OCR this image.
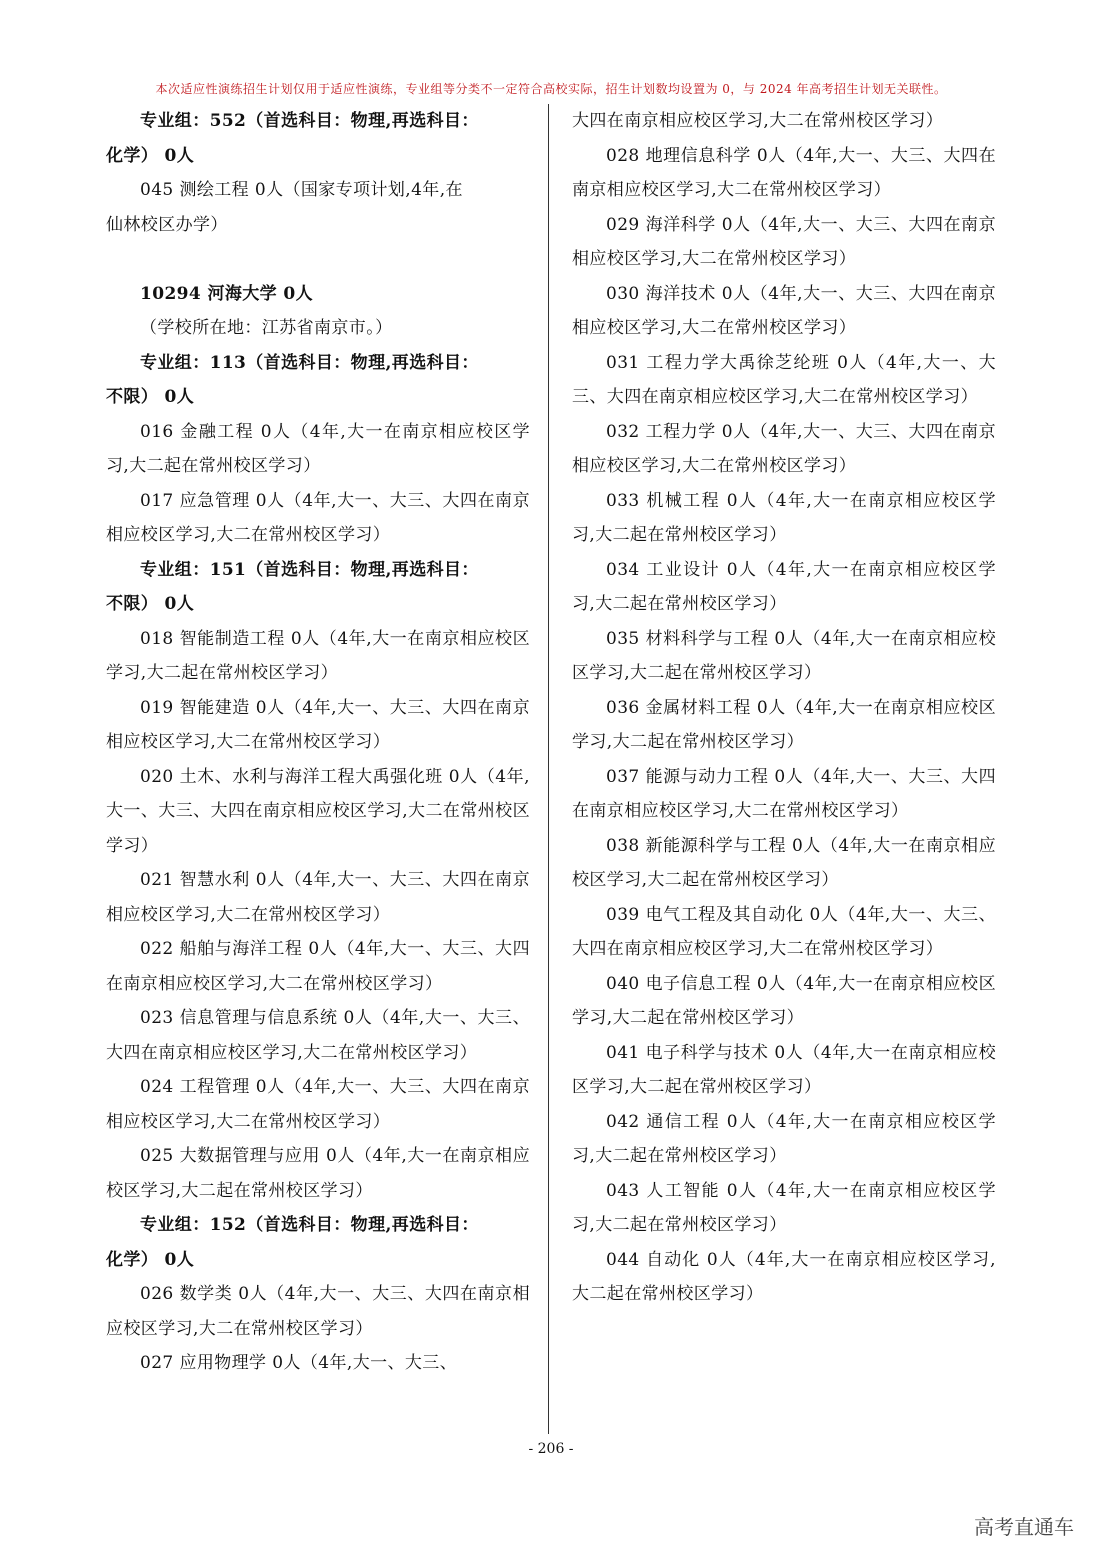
本次适应性演练招生计划仅用于适应性演练，专业组等分类不一定符合高校实际，招生计划数均设置为 0，与 2024 年高考招生计划无关联性。

专业组：552（首选科目：物理,再选科目：

化学） 0人

045 测绘工程 0人（国家专项计划,4年,在

仙林校区办学）

10294 河海大学 0人

（学校所在地：江苏省南京市。）

专业组：113（首选科目：物理,再选科目：

不限） 0人

016 金融工程 0人（4年,大一在南京相应校区学习,大二起在常州校区学习）

017 应急管理 0人（4年,大一、大三、大四在南京相应校区学习,大二在常州校区学习）

专业组：151（首选科目：物理,再选科目：

不限） 0人

018 智能制造工程 0人（4年,大一在南京相应校区学习,大二起在常州校区学习）

019 智能建造 0人（4年,大一、大三、大四在南京相应校区学习,大二在常州校区学习）

020 土木、水利与海洋工程大禹强化班 0人（4年,大一、大三、大四在南京相应校区学习,大二在常州校区学习）

021 智慧水利 0人（4年,大一、大三、大四在南京相应校区学习,大二在常州校区学习）

022 船舶与海洋工程 0人（4年,大一、大三、大四在南京相应校区学习,大二在常州校区学习）

023 信息管理与信息系统 0人（4年,大一、大三、大四在南京相应校区学习,大二在常州校区学习）

024 工程管理 0人（4年,大一、大三、大四在南京相应校区学习,大二在常州校区学习）

025 大数据管理与应用 0人（4年,大一在南京相应校区学习,大二起在常州校区学习）

专业组：152（首选科目：物理,再选科目：

化学） 0人

026 数学类 0人（4年,大一、大三、大四在南京相应校区学习,大二在常州校区学习）

027 应用物理学 0人（4年,大一、大三、

大四在南京相应校区学习,大二在常州校区学习）

028 地理信息科学 0人（4年,大一、大三、大四在南京相应校区学习,大二在常州校区学习）

029 海洋科学 0人（4年,大一、大三、大四在南京相应校区学习,大二在常州校区学习）

030 海洋技术 0人（4年,大一、大三、大四在南京相应校区学习,大二在常州校区学习）

031 工程力学大禹徐芝纶班 0人（4年,大一、大三、大四在南京相应校区学习,大二在常州校区学习）

032 工程力学 0人（4年,大一、大三、大四在南京相应校区学习,大二在常州校区学习）

033 机械工程 0人（4年,大一在南京相应校区学习,大二起在常州校区学习）

034 工业设计 0人（4年,大一在南京相应校区学习,大二起在常州校区学习）

035 材料科学与工程 0人（4年,大一在南京相应校区学习,大二起在常州校区学习）

036 金属材料工程 0人（4年,大一在南京相应校区学习,大二起在常州校区学习）

037 能源与动力工程 0人（4年,大一、大三、大四在南京相应校区学习,大二在常州校区学习）

038 新能源科学与工程 0人（4年,大一在南京相应校区学习,大二起在常州校区学习）

039 电气工程及其自动化 0人（4年,大一、大三、大四在南京相应校区学习,大二在常州校区学习）

040 电子信息工程 0人（4年,大一在南京相应校区学习,大二起在常州校区学习）

041 电子科学与技术 0人（4年,大一在南京相应校区学习,大二起在常州校区学习）

042 通信工程 0人（4年,大一在南京相应校区学习,大二起在常州校区学习）

043 人工智能 0人（4年,大一在南京相应校区学习,大二起在常州校区学习）

044 自动化 0人（4年,大一在南京相应校区学习,大二起在常州校区学习）

- 206 -
高考直通车
